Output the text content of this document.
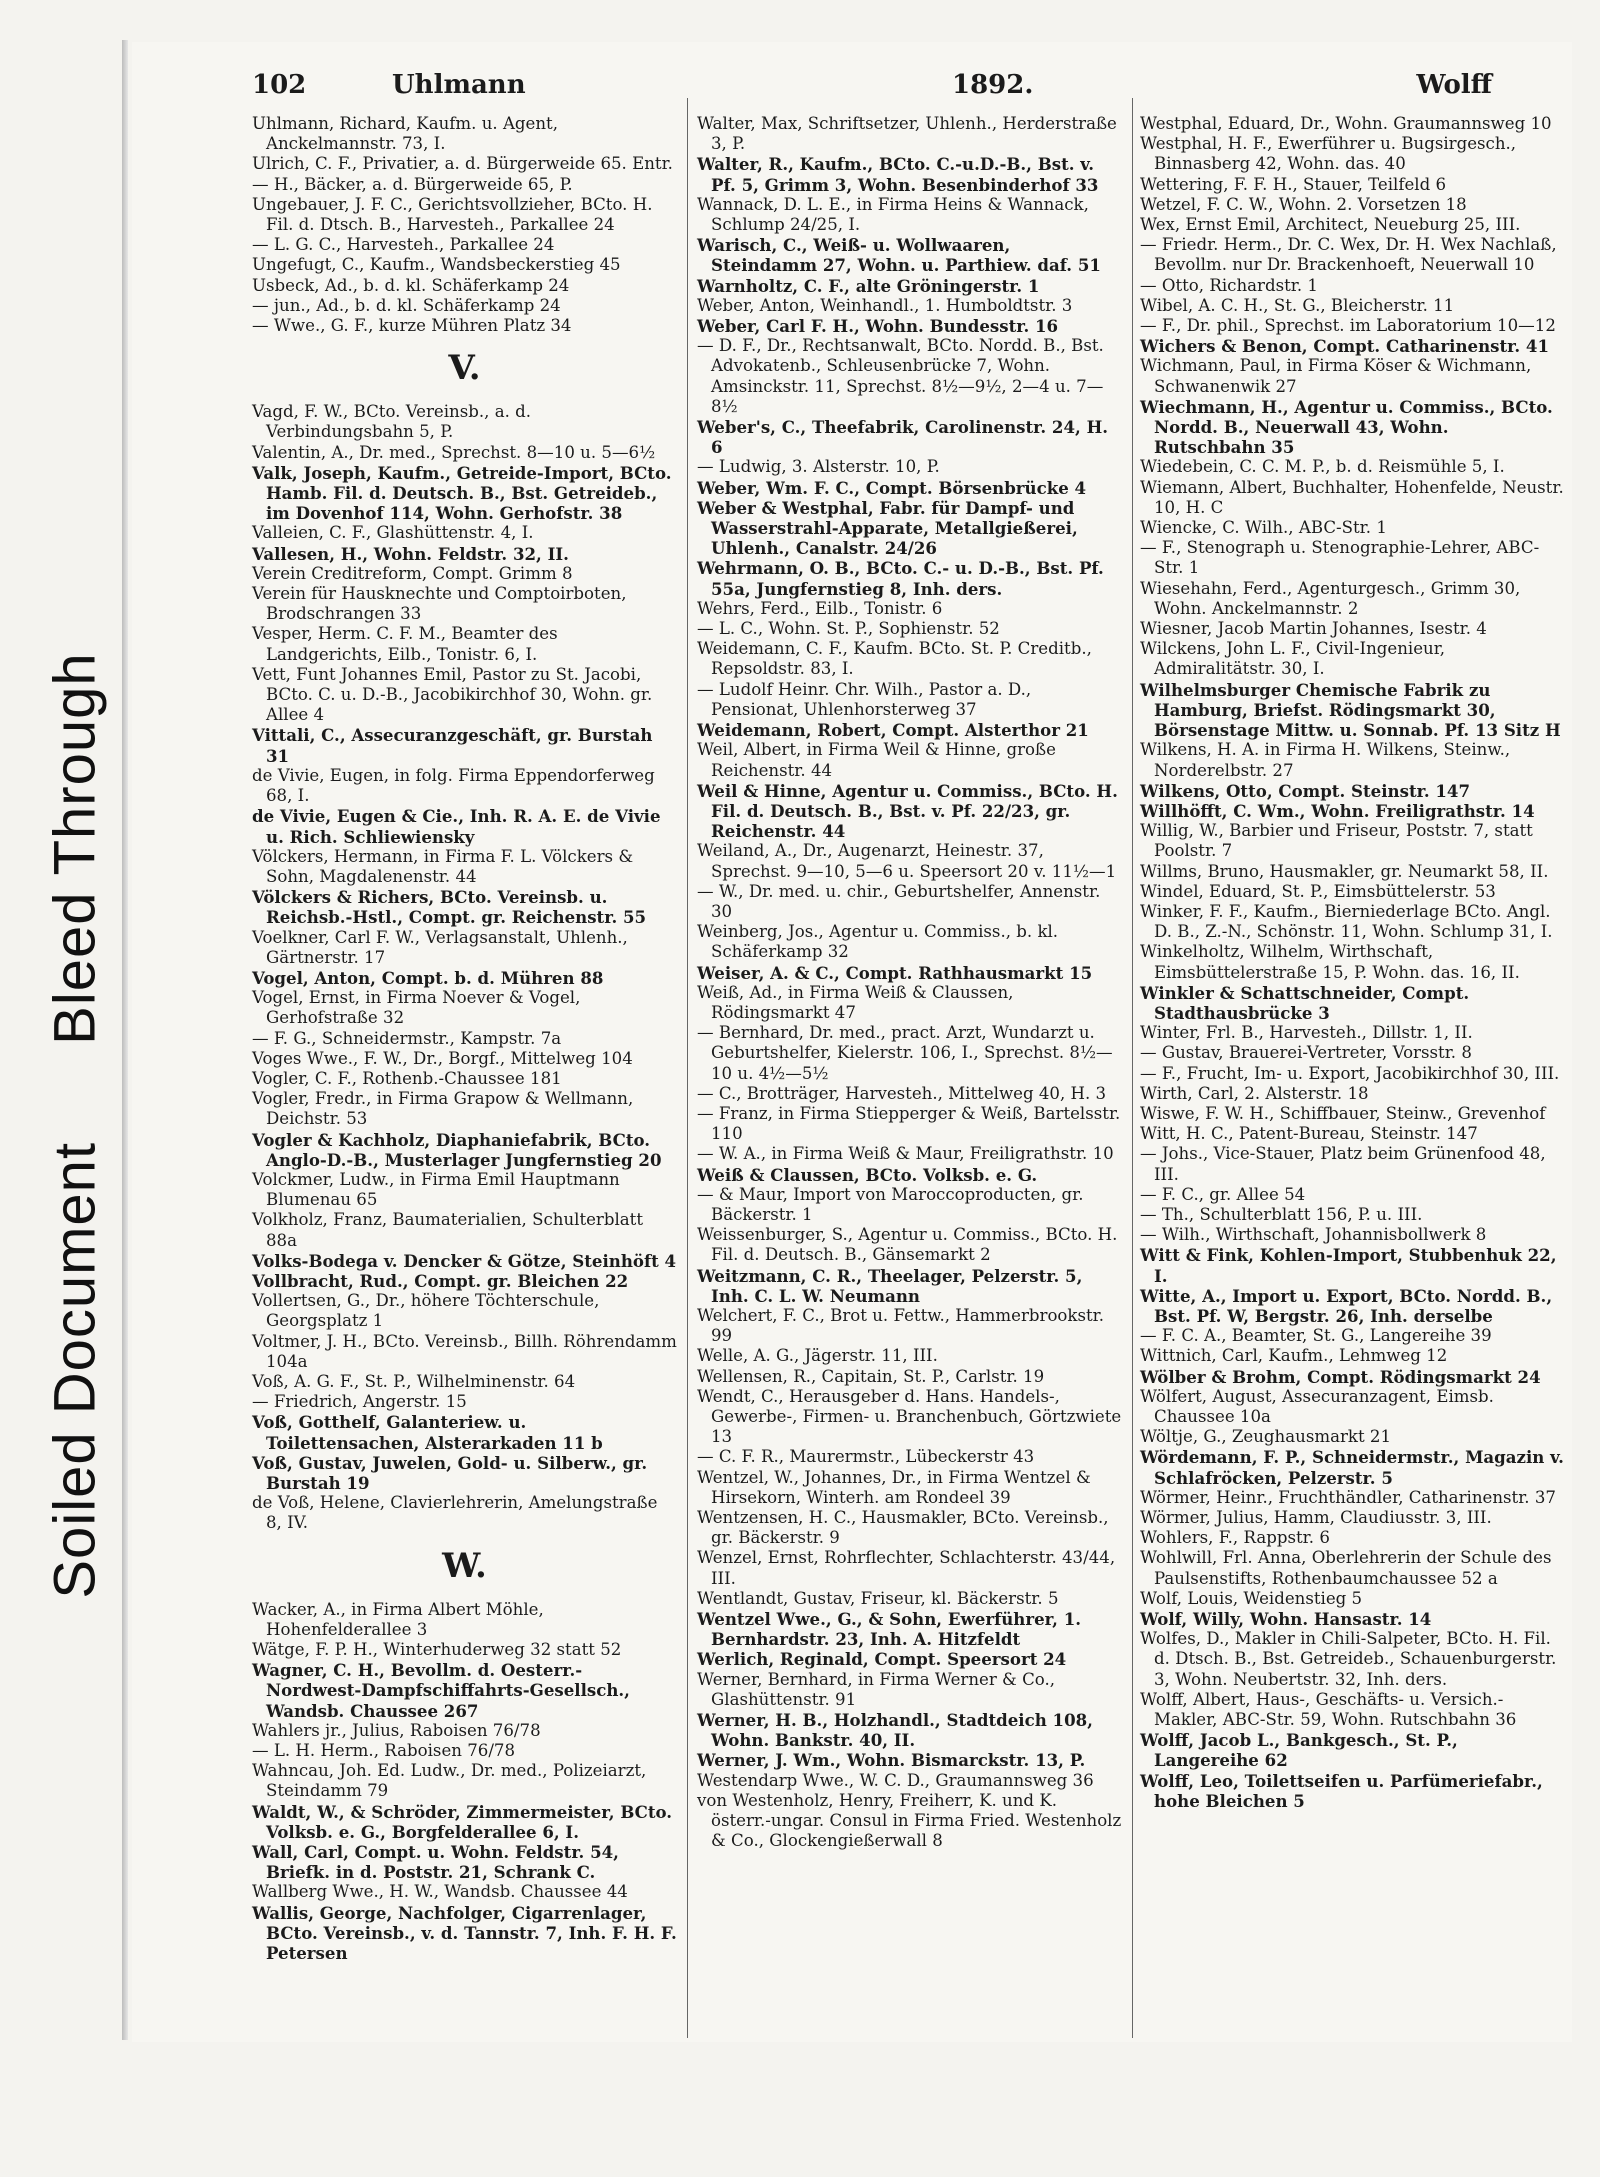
Soiled Document Bleed Through
102	Uhlmann	1892.	Wolff

Uhlmann, Richard, Kaufm. u. Agent, Anckelmannstr. 73, I.

Ulrich, C. F., Privatier, a. d. Bürgerweide 65. Entr.

— H., Bäcker, a. d. Bürgerweide 65, P.

Ungebauer, J. F. C., Gerichtsvollzieher, BCto. H. Fil. d. Dtsch. B., Harvesteh., Parkallee 24

— L. G. C., Harvesteh., Parkallee 24

Ungefugt, C., Kaufm., Wandsbeckerstieg 45

Usbeck, Ad., b. d. kl. Schäferkamp 24

— jun., Ad., b. d. kl. Schäferkamp 24

— Wwe., G. F., kurze Mühren Platz 34

V.

Vagd, F. W., BCto. Vereinsb., a. d. Verbindungsbahn 5, P.

Valentin, A., Dr. med., Sprechst. 8—10 u. 5—6½

Valk, Joseph, Kaufm., Getreide-Import, BCto. Hamb. Fil. d. Deutsch. B., Bst. Getreideb., im Dovenhof 114, Wohn. Gerhofstr. 38

Valleien, C. F., Glashüttenstr. 4, I.

Vallesen, H., Wohn. Feldstr. 32, II.

Verein Creditreform, Compt. Grimm 8

Verein für Hausknechte und Comptoirboten, Brodschrangen 33

Vesper, Herm. C. F. M., Beamter des Landgerichts, Eilb., Tonistr. 6, I.

Vett, Funt Johannes Emil, Pastor zu St. Jacobi, BCto. C. u. D.-B., Jacobikirchhof 30, Wohn. gr. Allee 4

Vittali, C., Assecuranzgeschäft, gr. Burstah 31

de Vivie, Eugen, in folg. Firma Eppendorferweg 68, I.

de Vivie, Eugen & Cie., Inh. R. A. E. de Vivie u. Rich. Schliewiensky

Völckers, Hermann, in Firma F. L. Völckers & Sohn, Magdalenenstr. 44

Völckers & Richers, BCto. Vereinsb. u. Reichsb.-Hstl., Compt. gr. Reichenstr. 55

Voelkner, Carl F. W., Verlagsanstalt, Uhlenh., Gärtnerstr. 17

Vogel, Anton, Compt. b. d. Mühren 88

Vogel, Ernst, in Firma Noever & Vogel, Gerhofstraße 32

— F. G., Schneidermstr., Kampstr. 7a

Voges Wwe., F. W., Dr., Borgf., Mittelweg 104

Vogler, C. F., Rothenb.-Chaussee 181

Vogler, Fredr., in Firma Grapow & Wellmann, Deichstr. 53

Vogler & Kachholz, Diaphaniefabrik, BCto. Anglo-D.-B., Musterlager Jungfernstieg 20

Volckmer, Ludw., in Firma Emil Hauptmann Blumenau 65

Volkholz, Franz, Baumaterialien, Schulterblatt 88a

Volks-Bodega v. Dencker & Götze, Steinhöft 4

Vollbracht, Rud., Compt. gr. Bleichen 22

Vollertsen, G., Dr., höhere Töchterschule, Georgsplatz 1

Voltmer, J. H., BCto. Vereinsb., Billh. Röhrendamm 104a

Voß, A. G. F., St. P., Wilhelminenstr. 64

— Friedrich, Angerstr. 15

Voß, Gotthelf, Galanteriew. u. Toilettensachen, Alsterarkaden 11 b

Voß, Gustav, Juwelen, Gold- u. Silberw., gr. Burstah 19

de Voß, Helene, Clavierlehrerin, Amelungstraße 8, IV.

W.

Wacker, A., in Firma Albert Möhle, Hohenfelderallee 3

Wätge, F. P. H., Winterhuderweg 32 statt 52

Wagner, C. H., Bevollm. d. Oesterr.-Nordwest-Dampfschiffahrts-Gesellsch., Wandsb. Chaussee 267

Wahlers jr., Julius, Raboisen 76/78

— L. H. Herm., Raboisen 76/78

Wahncau, Joh. Ed. Ludw., Dr. med., Polizeiarzt, Steindamm 79

Waldt, W., & Schröder, Zimmermeister, BCto. Volksb. e. G., Borgfelderallee 6, I.

Wall, Carl, Compt. u. Wohn. Feldstr. 54, Briefk. in d. Poststr. 21, Schrank C.

Wallberg Wwe., H. W., Wandsb. Chaussee 44

Wallis, George, Nachfolger, Cigarrenlager, BCto. Vereinsb., v. d. Tannstr. 7, Inh. F. H. F. Petersen

Walter, Max, Schriftsetzer, Uhlenh., Herderstraße 3, P.

Walter, R., Kaufm., BCto. C.-u.D.-B., Bst. v. Pf. 5, Grimm 3, Wohn. Besenbinderhof 33

Wannack, D. L. E., in Firma Heins & Wannack, Schlump 24/25, I.

Warisch, C., Weiß- u. Wollwaaren, Steindamm 27, Wohn. u. Parthiew. daf. 51

Warnholtz, C. F., alte Gröningerstr. 1

Weber, Anton, Weinhandl., 1. Humboldtstr. 3

Weber, Carl F. H., Wohn. Bundesstr. 16

— D. F., Dr., Rechtsanwalt, BCto. Nordd. B., Bst. Advokatenb., Schleusenbrücke 7, Wohn. Amsinckstr. 11, Sprechst. 8½—9½, 2—4 u. 7—8½

Weber's, C., Theefabrik, Carolinenstr. 24, H. 6

— Ludwig, 3. Alsterstr. 10, P.

Weber, Wm. F. C., Compt. Börsenbrücke 4

Weber & Westphal, Fabr. für Dampf- und Wasserstrahl-Apparate, Metallgießerei, Uhlenh., Canalstr. 24/26

Wehrmann, O. B., BCto. C.- u. D.-B., Bst. Pf. 55a, Jungfernstieg 8, Inh. ders.

Wehrs, Ferd., Eilb., Tonistr. 6

— L. C., Wohn. St. P., Sophienstr. 52

Weidemann, C. F., Kaufm. BCto. St. P. Creditb., Repsoldstr. 83, I.

— Ludolf Heinr. Chr. Wilh., Pastor a. D., Pensionat, Uhlenhorsterweg 37

Weidemann, Robert, Compt. Alsterthor 21

Weil, Albert, in Firma Weil & Hinne, große Reichenstr. 44

Weil & Hinne, Agentur u. Commiss., BCto. H. Fil. d. Deutsch. B., Bst. v. Pf. 22/23, gr. Reichenstr. 44

Weiland, A., Dr., Augenarzt, Heinestr. 37, Sprechst. 9—10, 5—6 u. Speersort 20 v. 11½—1

— W., Dr. med. u. chir., Geburtshelfer, Annenstr. 30

Weinberg, Jos., Agentur u. Commiss., b. kl. Schäferkamp 32

Weiser, A. & C., Compt. Rathhausmarkt 15

Weiß, Ad., in Firma Weiß & Claussen, Rödingsmarkt 47

— Bernhard, Dr. med., pract. Arzt, Wundarzt u. Geburtshelfer, Kielerstr. 106, I., Sprechst. 8½—10 u. 4½—5½

— C., Brotträger, Harvesteh., Mittelweg 40, H. 3

— Franz, in Firma Stiepperger & Weiß, Bartelsstr. 110

— W. A., in Firma Weiß & Maur, Freiligrathstr. 10

Weiß & Claussen, BCto. Volksb. e. G.

— & Maur, Import von Maroccoproducten, gr. Bäckerstr. 1

Weissenburger, S., Agentur u. Commiss., BCto. H. Fil. d. Deutsch. B., Gänsemarkt 2

Weitzmann, C. R., Theelager, Pelzerstr. 5, Inh. C. L. W. Neumann

Welchert, F. C., Brot u. Fettw., Hammerbrookstr. 99

Welle, A. G., Jägerstr. 11, III.

Wellensen, R., Capitain, St. P., Carlstr. 19

Wendt, C., Herausgeber d. Hans. Handels-, Gewerbe-, Firmen- u. Branchenbuch, Görtzwiete 13

— C. F. R., Maurermstr., Lübeckerstr 43

Wentzel, W., Johannes, Dr., in Firma Wentzel & Hirsekorn, Winterh. am Rondeel 39

Wentzensen, H. C., Hausmakler, BCto. Vereinsb., gr. Bäckerstr. 9

Wenzel, Ernst, Rohrflechter, Schlachterstr. 43/44, III.

Wentlandt, Gustav, Friseur, kl. Bäckerstr. 5

Wentzel Wwe., G., & Sohn, Ewerführer, 1. Bernhardstr. 23, Inh. A. Hitzfeldt

Werlich, Reginald, Compt. Speersort 24

Werner, Bernhard, in Firma Werner & Co., Glashüttenstr. 91

Werner, H. B., Holzhandl., Stadtdeich 108, Wohn. Bankstr. 40, II.

Werner, J. Wm., Wohn. Bismarckstr. 13, P.

Westendarp Wwe., W. C. D., Graumannsweg 36

von Westenholz, Henry, Freiherr, K. und K. österr.-ungar. Consul in Firma Fried. Westenholz & Co., Glockengießerwall 8

Westphal, Eduard, Dr., Wohn. Graumannsweg 10

Westphal, H. F., Ewerführer u. Bugsirgesch., Binnasberg 42, Wohn. das. 40

Wettering, F. F. H., Stauer, Teilfeld 6

Wetzel, F. C. W., Wohn. 2. Vorsetzen 18

Wex, Ernst Emil, Architect, Neueburg 25, III.

— Friedr. Herm., Dr. C. Wex, Dr. H. Wex Nachlaß, Bevollm. nur Dr. Brackenhoeft, Neuerwall 10

— Otto, Richardstr. 1

Wibel, A. C. H., St. G., Bleicherstr. 11

— F., Dr. phil., Sprechst. im Laboratorium 10—12

Wichers & Benon, Compt. Catharinenstr. 41

Wichmann, Paul, in Firma Köser & Wichmann, Schwanenwik 27

Wiechmann, H., Agentur u. Commiss., BCto. Nordd. B., Neuerwall 43, Wohn. Rutschbahn 35

Wiedebein, C. C. M. P., b. d. Reismühle 5, I.

Wiemann, Albert, Buchhalter, Hohenfelde, Neustr. 10, H. C

Wiencke, C. Wilh., ABC-Str. 1

— F., Stenograph u. Stenographie-Lehrer, ABC-Str. 1

Wiesehahn, Ferd., Agenturgesch., Grimm 30, Wohn. Anckelmannstr. 2

Wiesner, Jacob Martin Johannes, Isestr. 4

Wilckens, John L. F., Civil-Ingenieur, Admiralitätstr. 30, I.

Wilhelmsburger Chemische Fabrik zu Hamburg, Briefst. Rödingsmarkt 30, Börsenstage Mittw. u. Sonnab. Pf. 13 Sitz H

Wilkens, H. A. in Firma H. Wilkens, Steinw., Norderelbstr. 27

Wilkens, Otto, Compt. Steinstr. 147

Willhöfft, C. Wm., Wohn. Freiligrathstr. 14

Willig, W., Barbier und Friseur, Poststr. 7, statt Poolstr. 7

Willms, Bruno, Hausmakler, gr. Neumarkt 58, II.

Windel, Eduard, St. P., Eimsbüttelerstr. 53

Winker, F. F., Kaufm., Bierniederlage BCto. Angl. D. B., Z.-N., Schönstr. 11, Wohn. Schlump 31, I.

Winkelholtz, Wilhelm, Wirthschaft, Eimsbüttelerstraße 15, P. Wohn. das. 16, II.

Winkler & Schattschneider, Compt. Stadthausbrücke 3

Winter, Frl. B., Harvesteh., Dillstr. 1, II.

— Gustav, Brauerei-Vertreter, Vorsstr. 8

— F., Frucht, Im- u. Export, Jacobikirchhof 30, III.

Wirth, Carl, 2. Alsterstr. 18

Wiswe, F. W. H., Schiffbauer, Steinw., Grevenhof

Witt, H. C., Patent-Bureau, Steinstr. 147

— Johs., Vice-Stauer, Platz beim Grünenfood 48, III.

— F. C., gr. Allee 54

— Th., Schulterblatt 156, P. u. III.

— Wilh., Wirthschaft, Johannisbollwerk 8

Witt & Fink, Kohlen-Import, Stubbenhuk 22, I.

Witte, A., Import u. Export, BCto. Nordd. B., Bst. Pf. W, Bergstr. 26, Inh. derselbe

— F. C. A., Beamter, St. G., Langereihe 39

Wittnich, Carl, Kaufm., Lehmweg 12

Wölber & Brohm, Compt. Rödingsmarkt 24

Wölfert, August, Assecuranzagent, Eimsb. Chaussee 10a

Wöltje, G., Zeughausmarkt 21

Wördemann, F. P., Schneidermstr., Magazin v. Schlafröcken, Pelzerstr. 5

Wörmer, Heinr., Fruchthändler, Catharinenstr. 37

Wörmer, Julius, Hamm, Claudiusstr. 3, III.

Wohlers, F., Rappstr. 6

Wohlwill, Frl. Anna, Oberlehrerin der Schule des Paulsenstifts, Rothenbaumchaussee 52 a

Wolf, Louis, Weidenstieg 5

Wolf, Willy, Wohn. Hansastr. 14

Wolfes, D., Makler in Chili-Salpeter, BCto. H. Fil. d. Dtsch. B., Bst. Getreideb., Schauenburgerstr. 3, Wohn. Neubertstr. 32, Inh. ders.

Wolff, Albert, Haus-, Geschäfts- u. Versich.-Makler, ABC-Str. 59, Wohn. Rutschbahn 36

Wolff, Jacob L., Bankgesch., St. P., Langereihe 62

Wolff, Leo, Toilettseifen u. Parfümeriefabr., hohe Bleichen 5
